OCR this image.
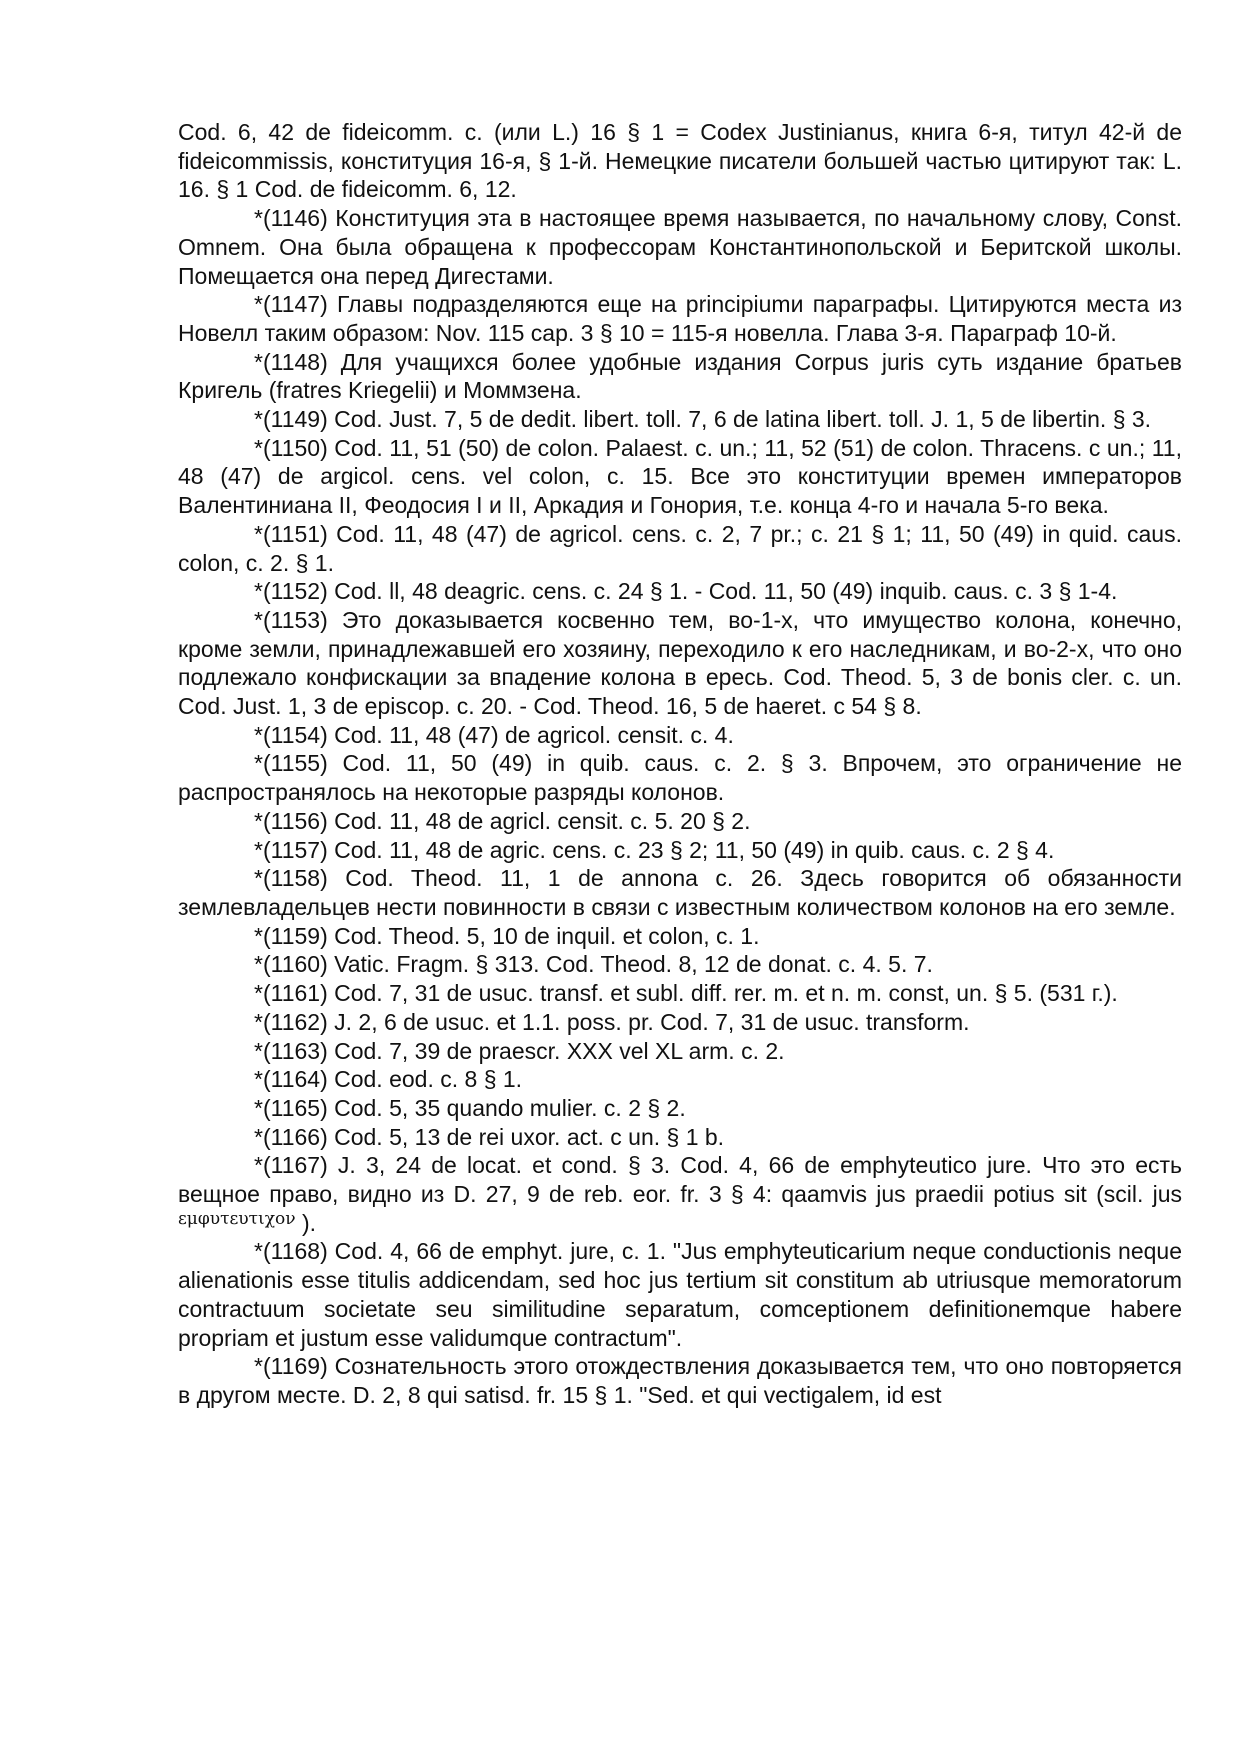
Cod. 6, 42 de fideicomm. c. (или L.) 16 § 1 = Codex Justinianus, книга 6-я, титул 42-й de fideicommissis, конституция 16-я, § 1-й. Немецкие писатели большей частью цитируют так: L. 16. § 1 Cod. de fideicomm. 6, 12.

*(1146) Конституция эта в настоящее время называется, по начальному слову, Const. Omnem. Она была обращена к профессорам Константинопольской и Беритской школы. Помещается она перед Дигестами.

*(1147) Главы подразделяются еще на principiumи параграфы. Цитируются места из Новелл таким образом: Nov. 115 cap. 3 § 10 = 115-я новелла. Глава 3-я. Параграф 10-й.

*(1148) Для учащихся более удобные издания Corpus juris суть издание братьев Кригель (fratres Kriegelii) и Моммзена.

*(1149) Cod. Just. 7, 5 de dedit. libert. toll. 7, 6 de latina libert. toll. J. 1, 5 de libertin. § 3.

*(1150) Cod. 11, 51 (50) de colon. Palaest. c. un.; 11, 52 (51) de colon. Thracens. c un.; 11, 48 (47) de argicol. cens. vel colon, c. 15. Все это конституции времен императоров Валентиниана II, Феодосия I и II, Аркадия и Гонория, т.е. конца 4-го и начала 5-го века.

*(1151) Cod. 11, 48 (47) de agricol. cens. c. 2, 7 pr.; c. 21 § 1; 11, 50 (49) in quid. caus. colon, c. 2. § 1.

*(1152) Cod. ll, 48 deagric. cens. c. 24 § 1. - Cod. 11, 50 (49) inquib. caus. c. 3 § 1-4.

*(1153) Это доказывается косвенно тем, во-1-х, что имущество колона, конечно, кроме земли, принадлежавшей его хозяину, переходило к его наследникам, и во-2-х, что оно подлежало конфискации за впадение колона в ересь. Cod. Theod. 5, 3 de bonis cler. c. un. Cod. Just. 1, 3 de episcop. c. 20. - Cod. Theod. 16, 5 de haeret. c 54 § 8.

*(1154) Cod. 11, 48 (47) de agricol. censit. c. 4.

*(1155) Cod. 11, 50 (49) in quib. caus. c. 2. § 3. Впрочем, это ограничение не распространялось на некоторые разряды колонов.

*(1156) Cod. 11, 48 de agricl. censit. c. 5. 20 § 2.

*(1157) Cod. 11, 48 de agric. cens. c. 23 § 2; 11, 50 (49) in quib. caus. c. 2 § 4.

*(1158) Cod. Theod. 11, 1 de annona c. 26. Здесь говорится об обязанности землевладельцев нести повинности в связи с известным количеством колонов на его земле.

*(1159) Cod. Theod. 5, 10 de inquil. et colon, c. 1.

*(1160) Vatic. Fragm. § 313. Cod. Theod. 8, 12 de donat. c. 4. 5. 7.

*(1161) Cod. 7, 31 de usuc. transf. et subl. diff. rer. m. et n. m. const, un. § 5. (531 г.).

*(1162) J. 2, 6 de usuc. et 1.1. poss. pr. Cod. 7, 31 de usuc. transform.

*(1163) Cod. 7, 39 de praescr. XXX vel XL arm. c. 2.

*(1164) Cod. eod. c. 8 § 1.

*(1165) Cod. 5, 35 quando mulier. c. 2 § 2.

*(1166) Cod. 5, 13 de rei uxor. act. c un. § 1 b.

*(1167) J. 3, 24 de locat. et cond. § 3. Cod. 4, 66 de emphyteutico jure. Что это есть вещное право, видно из D. 27, 9 de reb. eor. fr. 3 § 4: qaamvis jus praedii potius sit (scil. jus $^{\varepsilon\mu\varphi\upsilon\tau\varepsilon\upsilon\tau\iota\chi o\nu}$ ).

*(1168) Cod. 4, 66 de emphyt. jure, c. 1. "Jus emphyteuticarium neque conductionis neque alienationis esse titulis addicendam, sed hoc jus tertium sit constitum ab utriusque memoratorum contractuum societate seu similitudine separatum, comceptionem definitionemque habere propriam et justum esse validumque contractum".

*(1169) Сознательность этого отождествления доказывается тем, что оно повторяется в другом месте. D. 2, 8 qui satisd. fr. 15 § 1. "Sed. et qui vectigalem, id est
